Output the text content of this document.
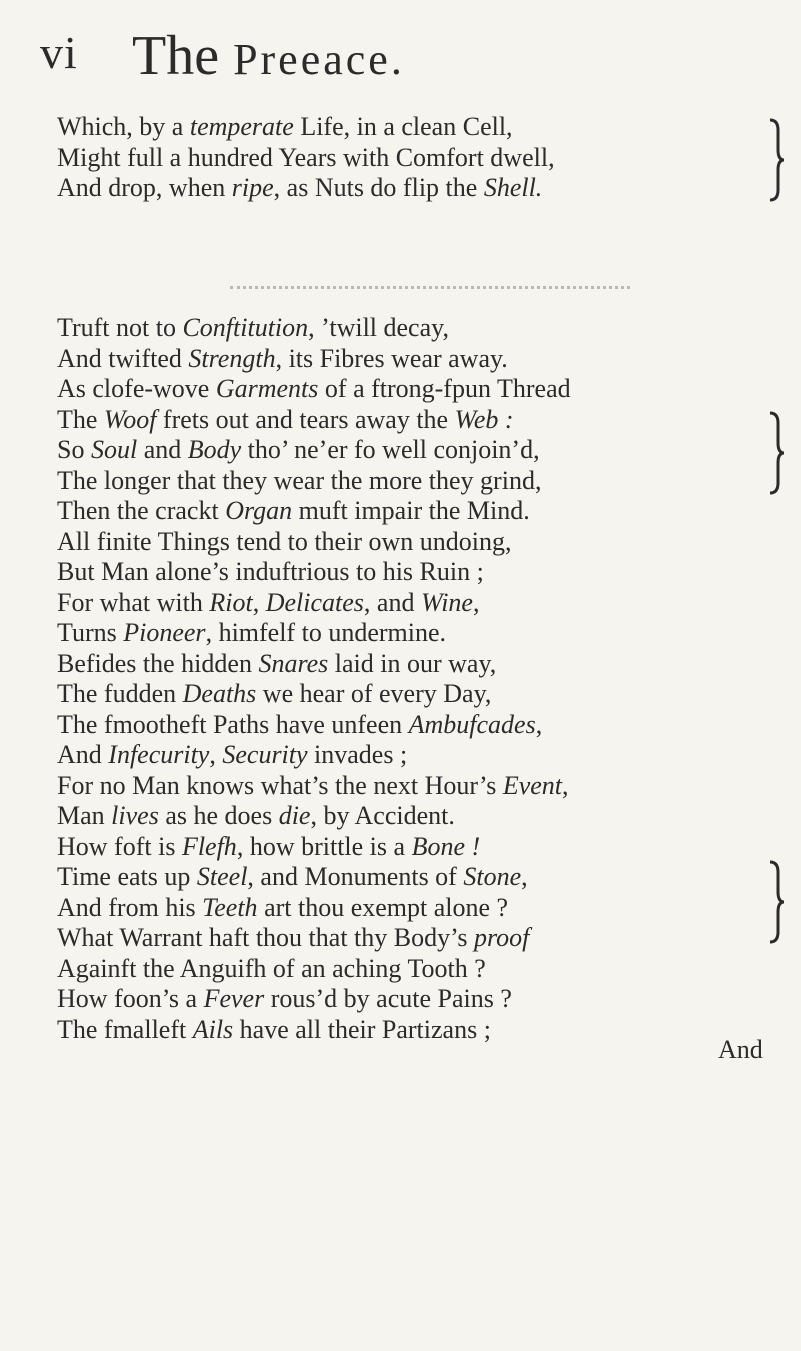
vi The Preeace.
Which, by a temperate Life, in a clean Cell,
Might full a hundred Years with Comfort dwell,
And drop, when ripe, as Nuts do flip the Shell.
Truft not to Conftitution, ’twill decay,
And twifted Strength, its Fibres wear away.
As clofe-wove Garments of a ftrong-fpun Thread
The Woof frets out and tears away the Web :
So Soul and Body tho’ ne’er fo well conjoin’d,
The longer that they wear the more they grind,
Then the crackt Organ muft impair the Mind.
All finite Things tend to their own undoing,
But Man alone’s induftrious to his Ruin ;
For what with Riot, Delicates, and Wine,
Turns Pioneer, himfelf to undermine.
Befides the hidden Snares laid in our way,
The fudden Deaths we hear of every Day,
The fmootheft Paths have unfeen Ambufcades,
And Infecurity, Security invades ;
For no Man knows what’s the next Hour’s Event,
Man lives as he does die, by Accident.
How foft is Flefh, how brittle is a Bone !
Time eats up Steel, and Monuments of Stone,
And from his Teeth art thou exempt alone ?
What Warrant haft thou that thy Body’s proof
Againft the Anguifh of an aching Tooth ?
How foon’s a Fever rous’d by acute Pains ?
The fmalleft Ails have all their Partizans ;
And
